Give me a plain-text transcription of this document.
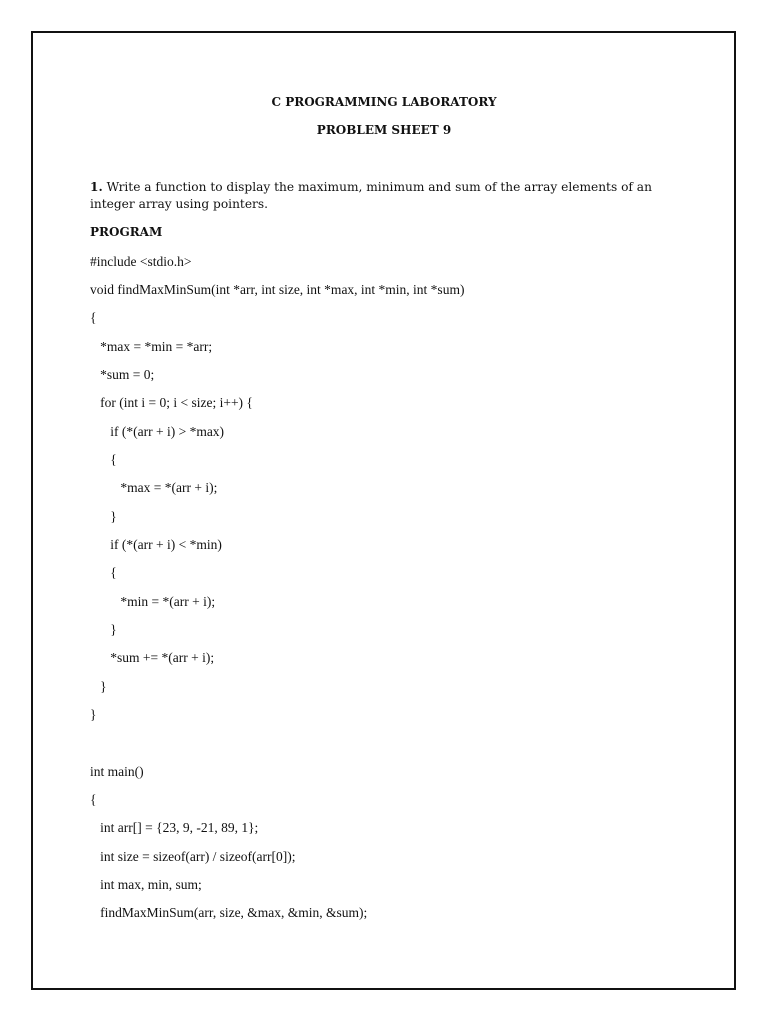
C PROGRAMMING LABORATORY
PROBLEM SHEET 9
1. Write a function to display the maximum, minimum and sum of the array elements of an integer array using pointers.
PROGRAM
#include <stdio.h>
void findMaxMinSum(int *arr, int size, int *max, int *min, int *sum)
{
*max = *min = *arr;
*sum = 0;
for (int i = 0; i < size; i++) {
if (*(arr + i) > *max)
{
*max = *(arr + i);
}
if (*(arr + i) < *min)
{
*min = *(arr + i);
}
*sum += *(arr + i);
}
}
int main()
{
int arr[] = {23, 9, -21, 89, 1};
int size = sizeof(arr) / sizeof(arr[0]);
int max, min, sum;
findMaxMinSum(arr, size, &max, &min, &sum);
